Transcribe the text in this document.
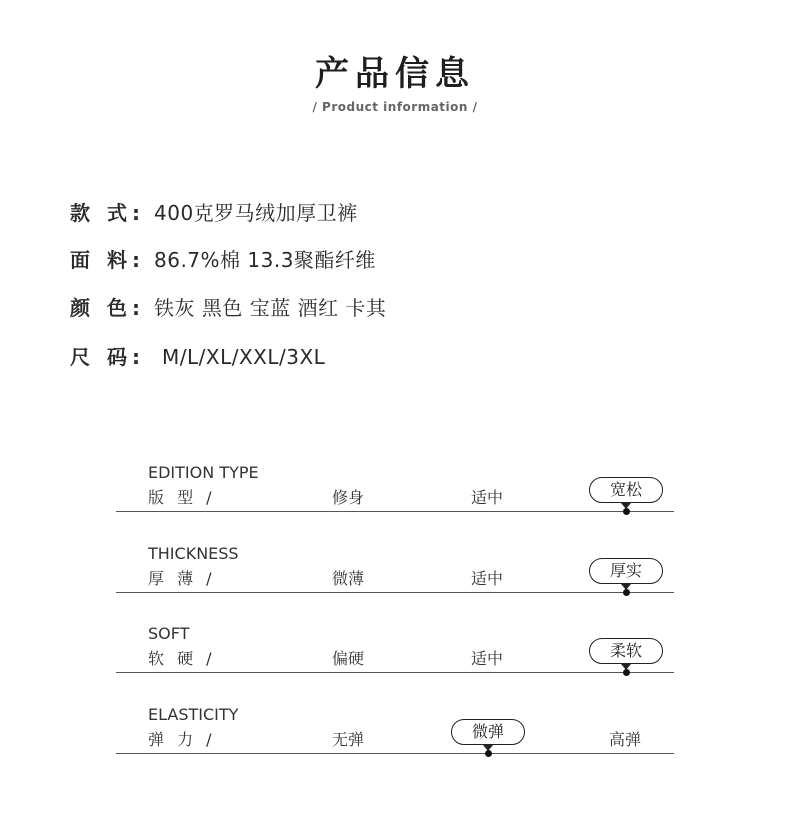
产品信息
/ Product information /
款 式: 400克罗马绒加厚卫裤
面 料: 86.7%棉 13.3聚酯纤维
颜 色: 铁灰 黑色 宝蓝 酒红 卡其
尺 码: M/L/XL/XXL/3XL
EDITION TYPE
版 型 /	修身	适中	宽松
THICKNESS
厚 薄 /	微薄	适中	厚实
SOFT
软 硬 /	偏硬	适中	柔软
ELASTICITY
弹 力 /	无弹	微弹	高弹
